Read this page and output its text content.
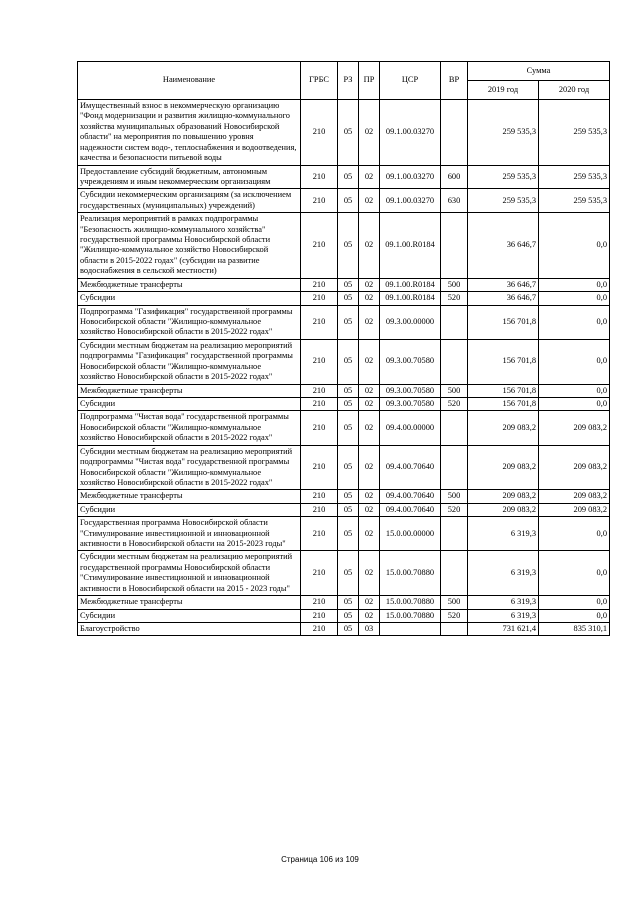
Наименование	ГРБС	РЗ	ПР	ЦСР	ВР	Сумма	
						2019 год	2020 год
Имущественный взнос в некоммерческую организацию "Фонд модернизации и развития жилищно-коммунального хозяйства муниципальных образований Новосибирской области" на мероприятия по повышению уровня надежности систем водо-, теплоснабжения и водоотведения, качества и безопасности питьевой воды	210	05	02	09.1.00.03270		259 535,3	259 535,3
Предоставление субсидий бюджетным, автономным учреждениям и иным некоммерческим организациям	210	05	02	09.1.00.03270	600	259 535,3	259 535,3
Субсидии некоммерческим организациям (за исключением государственных (муниципальных) учреждений)	210	05	02	09.1.00.03270	630	259 535,3	259 535,3
Реализация мероприятий в рамках подпрограммы "Безопасность жилищно-коммунального хозяйства" государственной программы Новосибирской области "Жилищно-коммунальное хозяйство Новосибирской области в 2015-2022 годах" (субсидии на развитие водоснабжения в сельской местности)	210	05	02	09.1.00.R0184		36 646,7	0,0
Межбюджетные трансферты	210	05	02	09.1.00.R0184	500	36 646,7	0,0
Субсидии	210	05	02	09.1.00.R0184	520	36 646,7	0,0
Подпрограмма "Газификация" государственной программы Новосибирской области "Жилищно-коммунальное хозяйство Новосибирской области в 2015-2022 годах"	210	05	02	09.3.00.00000		156 701,8	0,0
Субсидии местным бюджетам на реализацию мероприятий подпрограммы "Газификация" государственной программы Новосибирской области "Жилищно-коммунальное хозяйство Новосибирской области в 2015-2022 годах"	210	05	02	09.3.00.70580		156 701,8	0,0
Межбюджетные трансферты	210	05	02	09.3.00.70580	500	156 701,8	0,0
Субсидии	210	05	02	09.3.00.70580	520	156 701,8	0,0
Подпрограмма "Чистая вода" государственной программы Новосибирской области "Жилищно-коммунальное хозяйство Новосибирской области в 2015-2022 годах"	210	05	02	09.4.00.00000		209 083,2	209 083,2
Субсидии местным бюджетам на реализацию мероприятий подпрограммы "Чистая вода" государственной программы Новосибирской области "Жилищно-коммунальное хозяйство Новосибирской области в 2015-2022 годах"	210	05	02	09.4.00.70640		209 083,2	209 083,2
Межбюджетные трансферты	210	05	02	09.4.00.70640	500	209 083,2	209 083,2
Субсидии	210	05	02	09.4.00.70640	520	209 083,2	209 083,2
Государственная программа Новосибирской области "Стимулирование инвестиционной и инновационной активности в Новосибирской области на 2015-2023 годы"	210	05	02	15.0.00.00000		6 319,3	0,0
Субсидии местным бюджетам на реализацию мероприятий государственной программы Новосибирской области "Стимулирование инвестиционной и инновационной активности в Новосибирской области на 2015 - 2023 годы"	210	05	02	15.0.00.70880		6 319,3	0,0
Межбюджетные трансферты	210	05	02	15.0.00.70880	500	6 319,3	0,0
Субсидии	210	05	02	15.0.00.70880	520	6 319,3	0,0
Благоустройство	210	05	03			731 621,4	835 310,1
Страница 106 из 109
